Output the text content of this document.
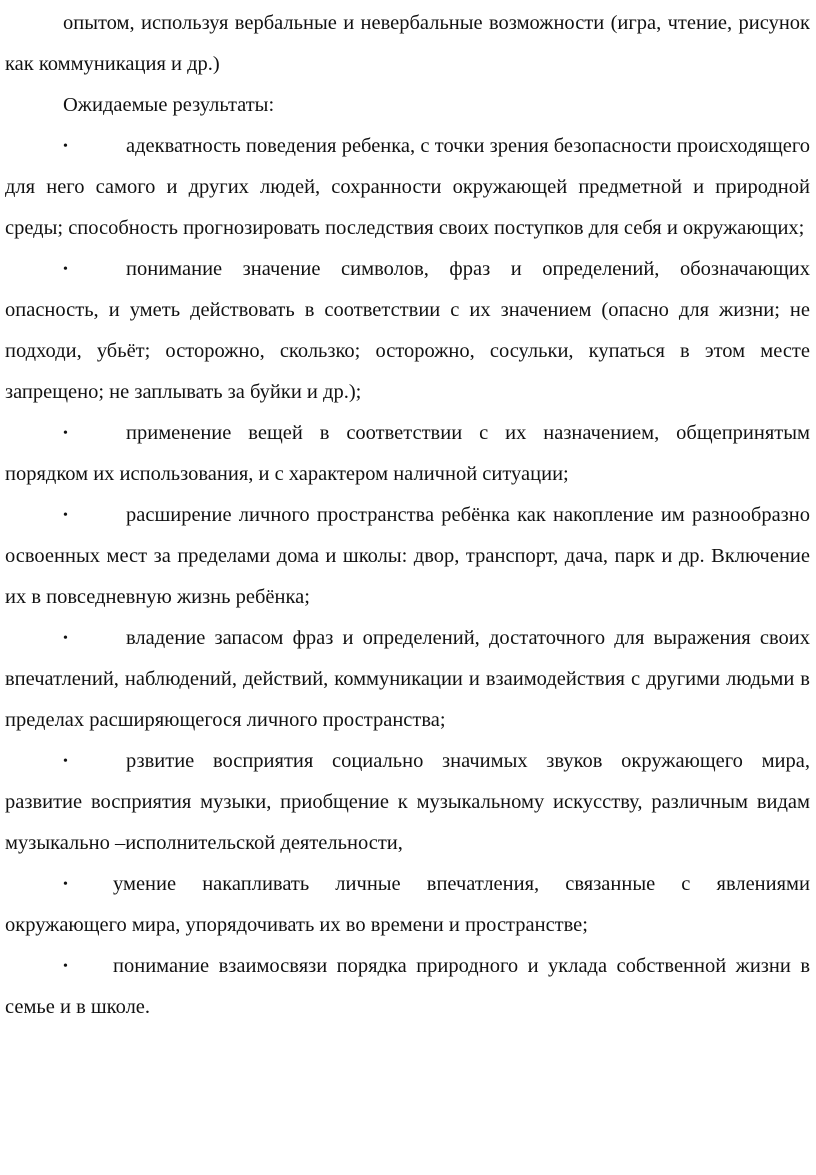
опытом, используя вербальные и невербальные возможности (игра, чтение, рисунок как коммуникация и др.)

Ожидаемые результаты:

•	адекватность поведения ребенка, с точки зрения безопасности происходящего для него самого и других людей, сохранности окружающей предметной и природной среды; способность прогнозировать последствия своих поступков для себя и окружающих;

•	понимание значение символов, фраз и определений, обозначающих опасность, и уметь действовать в соответствии с их значением (опасно для жизни; не подходи, убьёт; осторожно, скользко; осторожно, сосульки, купаться в этом месте запрещено; не заплывать за буйки и др.);

•	применение вещей в соответствии с их назначением, общепринятым порядком их использования, и с характером наличной ситуации;

•	расширение личного пространства ребёнка как накопление им разнообразно освоенных мест за пределами дома и школы: двор, транспорт, дача, парк и др. Включение их в повседневную жизнь ребёнка;

•	владение запасом фраз и определений, достаточного для выражения своих впечатлений, наблюдений, действий, коммуникации и взаимодействия с другими людьми в пределах расширяющегося личного пространства;

•	рзвитие восприятия социально значимых звуков окружающего мира, развитие восприятия музыки, приобщение к музыкальному искусству, различным видам музыкально –исполнительской деятельности,

• умение накапливать личные впечатления, связанные с явлениями окружающего мира, упорядочивать их во времени и пространстве;

• понимание взаимосвязи порядка природного и уклада собственной жизни в семье и в школе.
